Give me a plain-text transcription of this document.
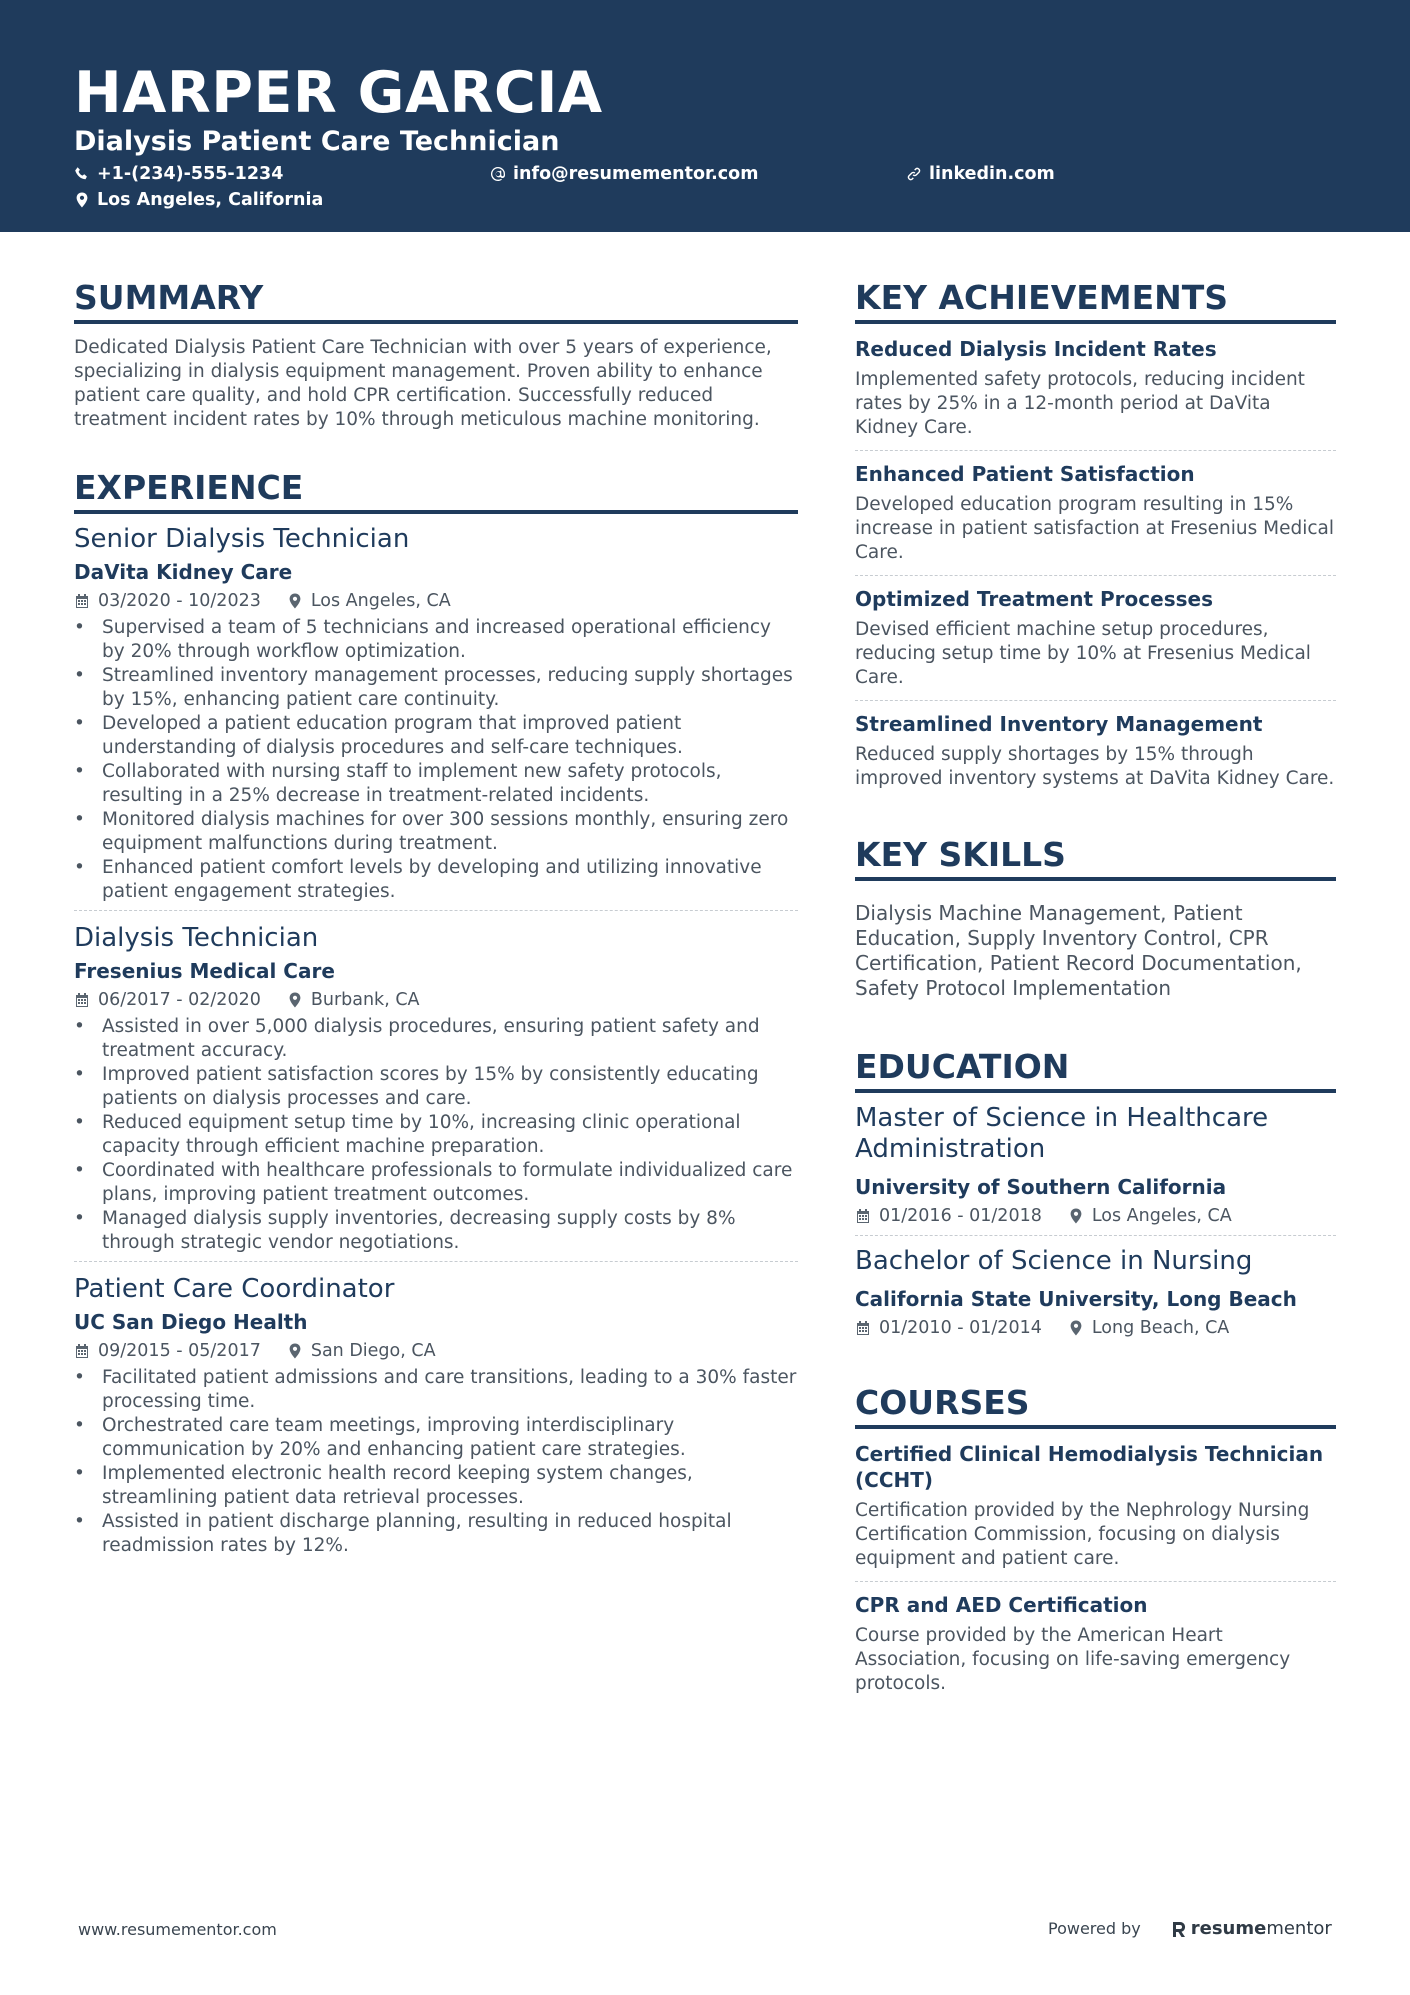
HARPER GARCIA
Dialysis Patient Care Technician
+1-(234)-555-1234	info@resumementor.com	linkedin.com
Los Angeles, California
SUMMARY
Dedicated Dialysis Patient Care Technician with over 5 years of experience, specializing in dialysis equipment management. Proven ability to enhance patient care quality, and hold CPR certification. Successfully reduced treatment incident rates by 10% through meticulous machine monitoring.
EXPERIENCE
Senior Dialysis Technician
DaVita Kidney Care
03/2020 - 10/2023	Los Angeles, CA
• Supervised a team of 5 technicians and increased operational efficiency by 20% through workflow optimization.
• Streamlined inventory management processes, reducing supply shortages by 15%, enhancing patient care continuity.
• Developed a patient education program that improved patient understanding of dialysis procedures and self-care techniques.
• Collaborated with nursing staff to implement new safety protocols, resulting in a 25% decrease in treatment-related incidents.
• Monitored dialysis machines for over 300 sessions monthly, ensuring zero equipment malfunctions during treatment.
• Enhanced patient comfort levels by developing and utilizing innovative patient engagement strategies.
Dialysis Technician
Fresenius Medical Care
06/2017 - 02/2020	Burbank, CA
• Assisted in over 5,000 dialysis procedures, ensuring patient safety and treatment accuracy.
• Improved patient satisfaction scores by 15% by consistently educating patients on dialysis processes and care.
• Reduced equipment setup time by 10%, increasing clinic operational capacity through efficient machine preparation.
• Coordinated with healthcare professionals to formulate individualized care plans, improving patient treatment outcomes.
• Managed dialysis supply inventories, decreasing supply costs by 8% through strategic vendor negotiations.
Patient Care Coordinator
UC San Diego Health
09/2015 - 05/2017	San Diego, CA
• Facilitated patient admissions and care transitions, leading to a 30% faster processing time.
• Orchestrated care team meetings, improving interdisciplinary communication by 20% and enhancing patient care strategies.
• Implemented electronic health record keeping system changes, streamlining patient data retrieval processes.
• Assisted in patient discharge planning, resulting in reduced hospital readmission rates by 12%.
KEY ACHIEVEMENTS
Reduced Dialysis Incident Rates
Implemented safety protocols, reducing incident rates by 25% in a 12-month period at DaVita Kidney Care.
Enhanced Patient Satisfaction
Developed education program resulting in 15% increase in patient satisfaction at Fresenius Medical Care.
Optimized Treatment Processes
Devised efficient machine setup procedures, reducing setup time by 10% at Fresenius Medical Care.
Streamlined Inventory Management
Reduced supply shortages by 15% through improved inventory systems at DaVita Kidney Care.
KEY SKILLS
Dialysis Machine Management, Patient Education, Supply Inventory Control, CPR Certification, Patient Record Documentation, Safety Protocol Implementation
EDUCATION
Master of Science in Healthcare Administration
University of Southern California
01/2016 - 01/2018	Los Angeles, CA
Bachelor of Science in Nursing
California State University, Long Beach
01/2010 - 01/2014	Long Beach, CA
COURSES
Certified Clinical Hemodialysis Technician (CCHT)
Certification provided by the Nephrology Nursing Certification Commission, focusing on dialysis equipment and patient care.
CPR and AED Certification
Course provided by the American Heart Association, focusing on life-saving emergency protocols.
www.resumementor.com	Powered by	resume mentor
